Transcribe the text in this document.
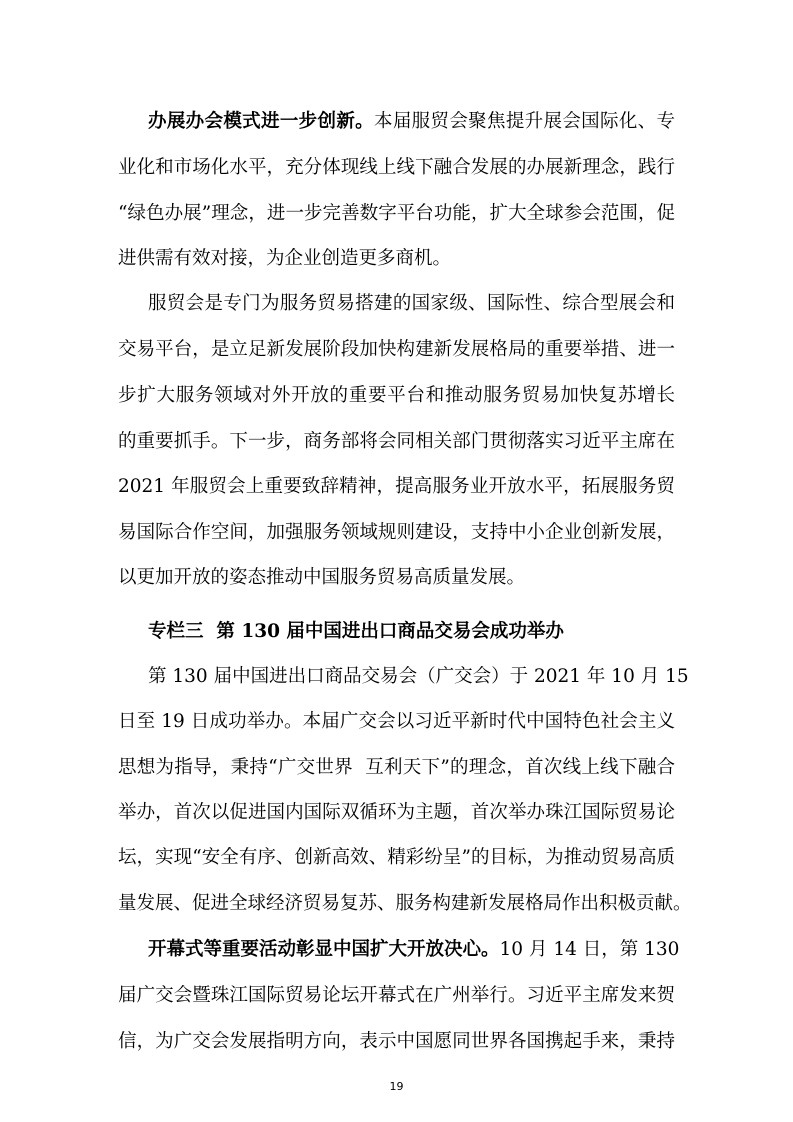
办展办会模式进一步创新。本届服贸会聚焦提升展会国际化、专
业化和市场化水平，充分体现线上线下融合发展的办展新理念，践行
“绿色办展”理念，进一步完善数字平台功能，扩大全球参会范围，促
进供需有效对接，为企业创造更多商机。
服贸会是专门为服务贸易搭建的国家级、国际性、综合型展会和
交易平台，是立足新发展阶段加快构建新发展格局的重要举措、进一
步扩大服务领域对外开放的重要平台和推动服务贸易加快复苏增长
的重要抓手。下一步，商务部将会同相关部门贯彻落实习近平主席在
2021 年服贸会上重要致辞精神，提高服务业开放水平，拓展服务贸
易国际合作空间，加强服务领域规则建设，支持中小企业创新发展，
以更加开放的姿态推动中国服务贸易高质量发展。
专栏三  第 130 届中国进出口商品交易会成功举办
第 130 届中国进出口商品交易会（广交会）于 2021 年 10 月 15
日至 19 日成功举办。本届广交会以习近平新时代中国特色社会主义
思想为指导，秉持“广交世界  互利天下”的理念，首次线上线下融合
举办，首次以促进国内国际双循环为主题，首次举办珠江国际贸易论
坛，实现“安全有序、创新高效、精彩纷呈”的目标，为推动贸易高质
量发展、促进全球经济贸易复苏、服务构建新发展格局作出积极贡献。
开幕式等重要活动彰显中国扩大开放决心。10 月 14 日，第 130
届广交会暨珠江国际贸易论坛开幕式在广州举行。习近平主席发来贺
信，为广交会发展指明方向，表示中国愿同世界各国携起手来，秉持
19
